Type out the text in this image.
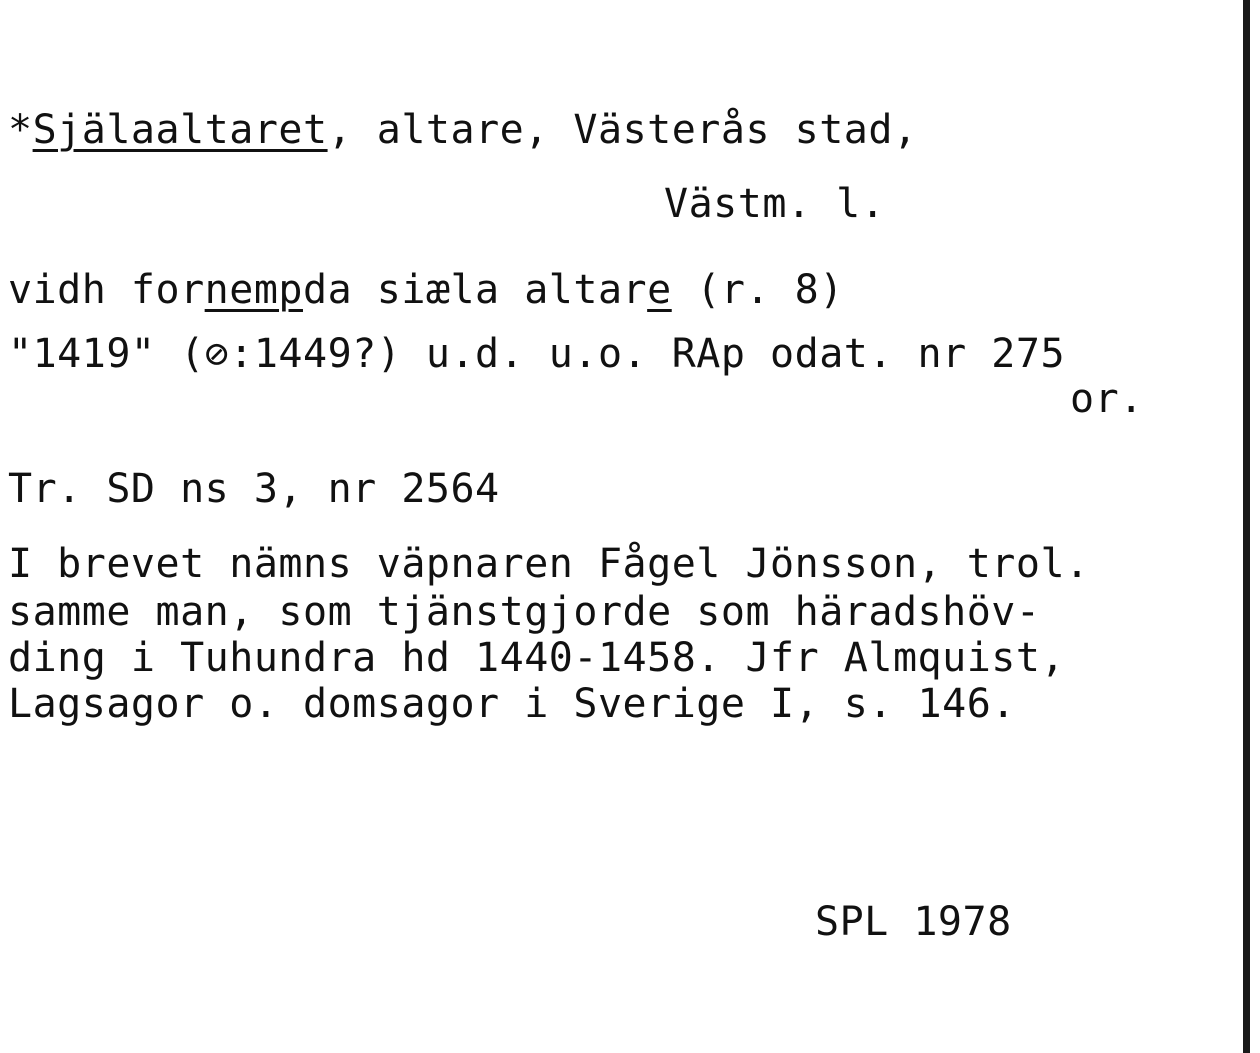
*Själaaltaret, altare, Västerås stad,
Västm. l.
vidh fornempda siæla altare (r. 8)
"1419" (⊘:1449?) u.d. u.o. RAp odat. nr 275
or.
Tr. SD ns 3, nr 2564
I brevet nämns väpnaren Fågel Jönsson, trol.
samme man, som tjänstgjorde som häradshöv-
ding i Tuhundra hd 1440-1458. Jfr Almquist,
Lagsagor o. domsagor i Sverige I, s. 146.
SPL 1978
